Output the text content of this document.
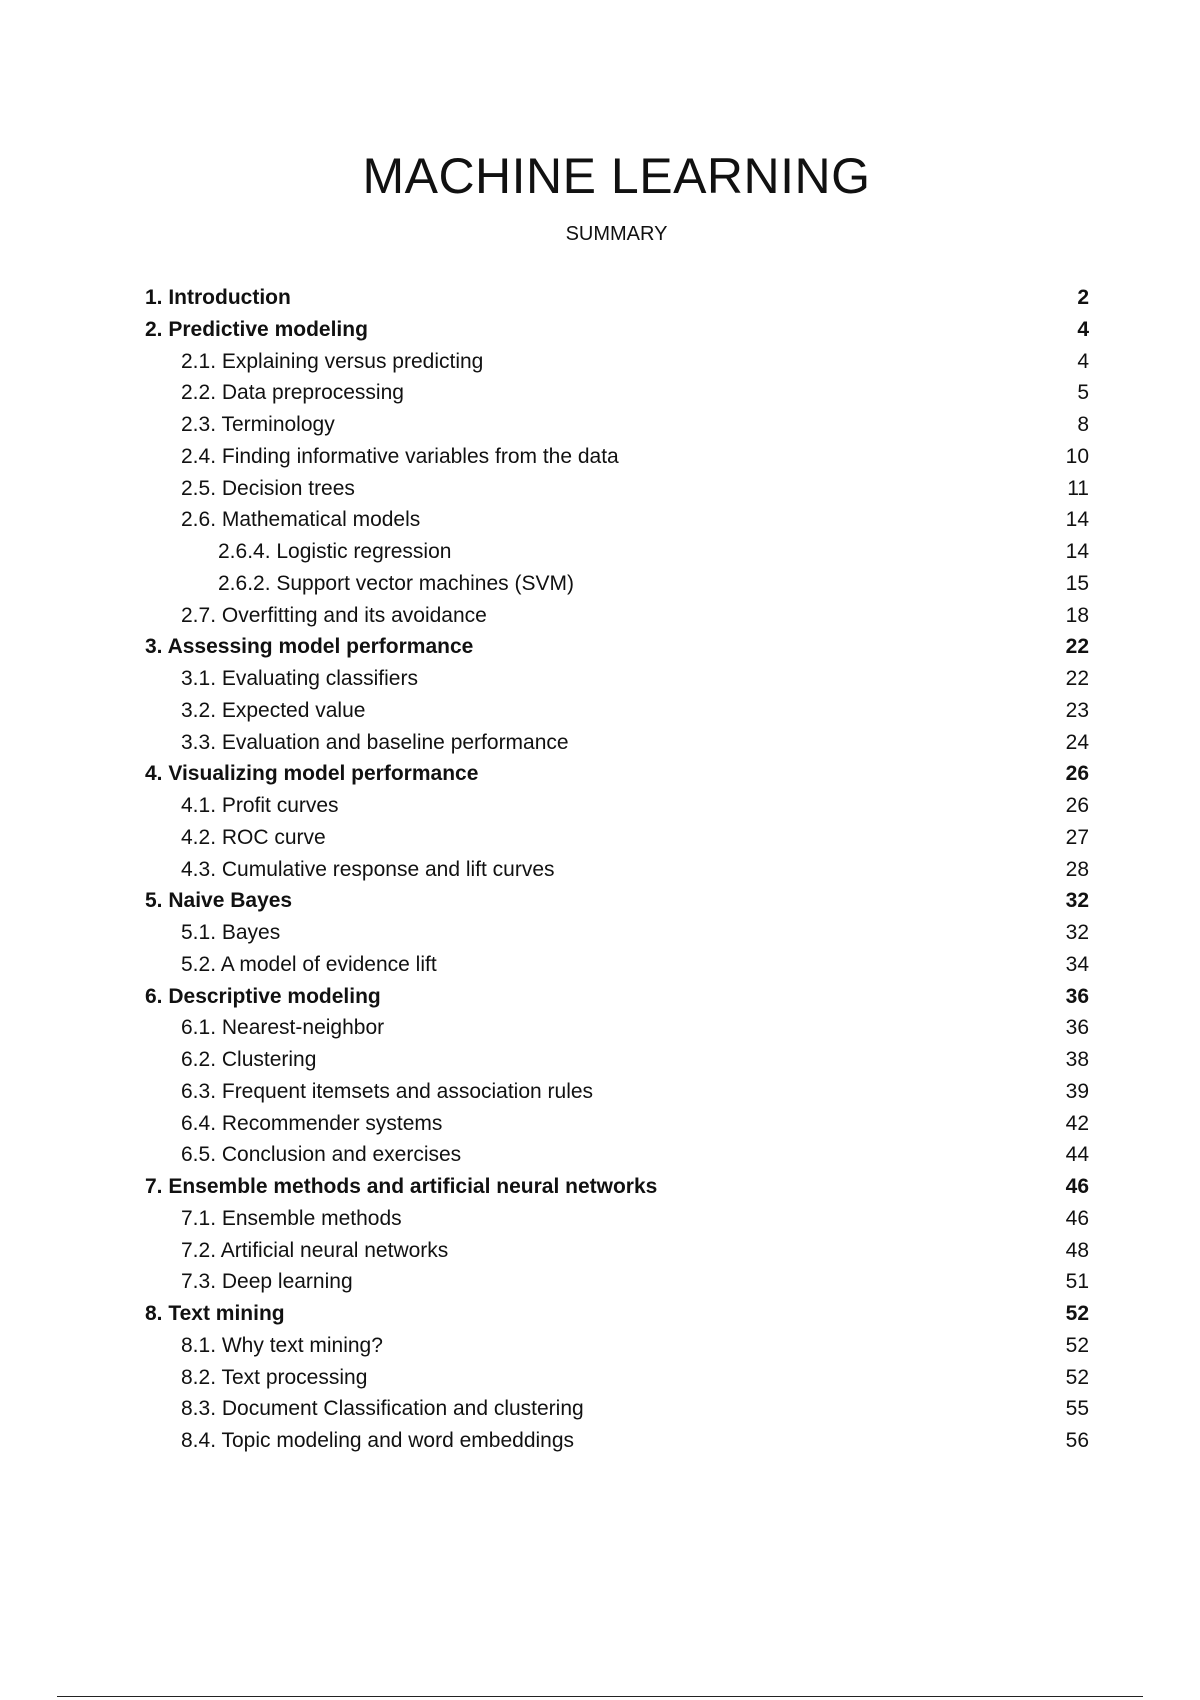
MACHINE LEARNING
SUMMARY
1. Introduction	2
2. Predictive modeling	4
2.1. Explaining versus predicting	4
2.2. Data preprocessing	5
2.3. Terminology	8
2.4. Finding informative variables from the data	10
2.5. Decision trees	11
2.6. Mathematical models	14
2.6.4. Logistic regression	14
2.6.2. Support vector machines (SVM)	15
2.7. Overfitting and its avoidance	18
3. Assessing model performance	22
3.1. Evaluating classifiers	22
3.2. Expected value	23
3.3. Evaluation and baseline performance	24
4. Visualizing model performance	26
4.1. Profit curves	26
4.2. ROC curve	27
4.3. Cumulative response and lift curves	28
5. Naive Bayes	32
5.1. Bayes	32
5.2. A model of evidence lift	34
6. Descriptive modeling	36
6.1. Nearest-neighbor	36
6.2. Clustering	38
6.3. Frequent itemsets and association rules	39
6.4. Recommender systems	42
6.5. Conclusion and exercises	44
7. Ensemble methods and artificial neural networks	46
7.1. Ensemble methods	46
7.2. Artificial neural networks	48
7.3. Deep learning	51
8. Text mining	52
8.1. Why text mining?	52
8.2. Text processing	52
8.3. Document Classification and clustering	55
8.4. Topic modeling and word embeddings	56
